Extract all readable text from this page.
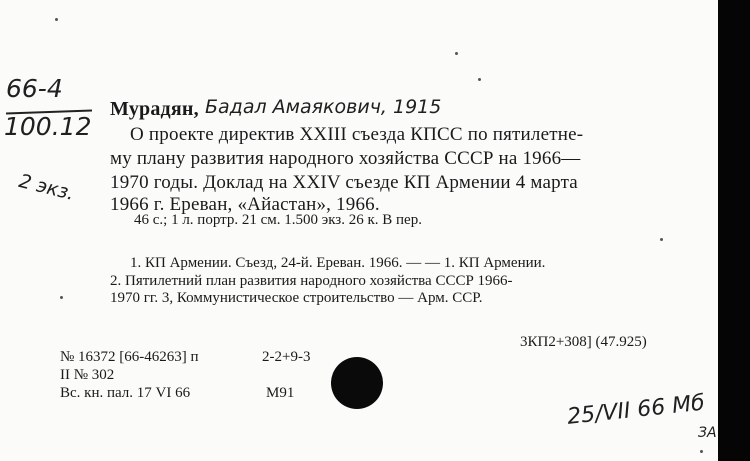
66-4
100.12
2 экз.
Мурадян, Бадал Амаякович, 1915
О проекте директив XXIII съезда КПСС по пятилетне-
му плану развития народного хозяйства СССР на 1966—
1970 годы. Доклад на XXIV съезде КП Армении 4 марта
1966 г. Ереван, «Айастан», 1966.
46 с.; 1 л. портр. 21 см. 1.500 экз. 26 к. В пер.
1. КП Армении. Съезд, 24-й. Ереван. 1966. — — 1. КП Армении.
2. Пятилетний план развития народного хозяйства СССР 1966-
1970 гг. 3, Коммунистическое строительство — Арм. ССР.
3КП2+308] (47.925)
№ 16372 [66-46263] п	2-2+9-3
II № 302
Вс. кн. пал. 17 VI 66	М91	25/VII 66 Мб
ЗА
